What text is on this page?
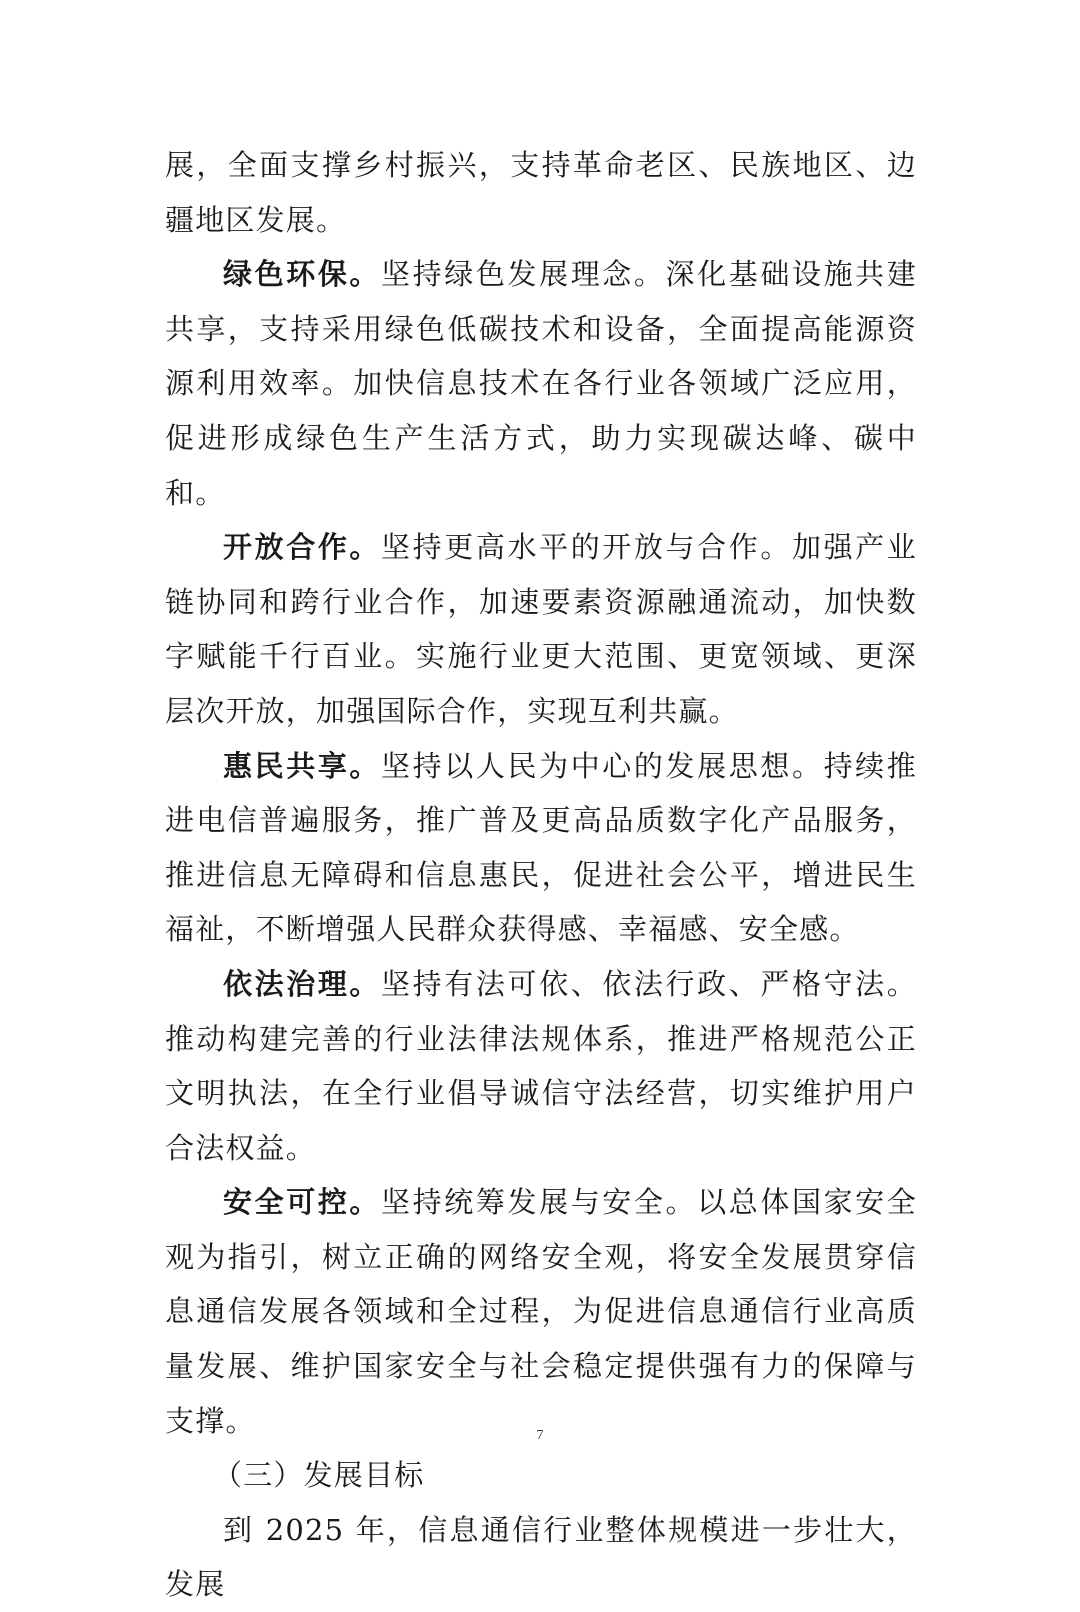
展，全面支撑乡村振兴，支持革命老区、民族地区、边疆地区发展。

绿色环保。坚持绿色发展理念。深化基础设施共建共享，支持采用绿色低碳技术和设备，全面提高能源资源利用效率。加快信息技术在各行业各领域广泛应用，促进形成绿色生产生活方式，助力实现碳达峰、碳中和。

开放合作。坚持更高水平的开放与合作。加强产业链协同和跨行业合作，加速要素资源融通流动，加快数字赋能千行百业。实施行业更大范围、更宽领域、更深层次开放，加强国际合作，实现互利共赢。

惠民共享。坚持以人民为中心的发展思想。持续推进电信普遍服务，推广普及更高品质数字化产品服务，推进信息无障碍和信息惠民，促进社会公平，增进民生福祉，不断增强人民群众获得感、幸福感、安全感。

依法治理。坚持有法可依、依法行政、严格守法。推动构建完善的行业法律法规体系，推进严格规范公正文明执法，在全行业倡导诚信守法经营，切实维护用户合法权益。

安全可控。坚持统筹发展与安全。以总体国家安全观为指引，树立正确的网络安全观，将安全发展贯穿信息通信发展各领域和全过程，为促进信息通信行业高质量发展、维护国家安全与社会稳定提供强有力的保障与支撑。

（三）发展目标

到 2025 年，信息通信行业整体规模进一步壮大，发展

7
